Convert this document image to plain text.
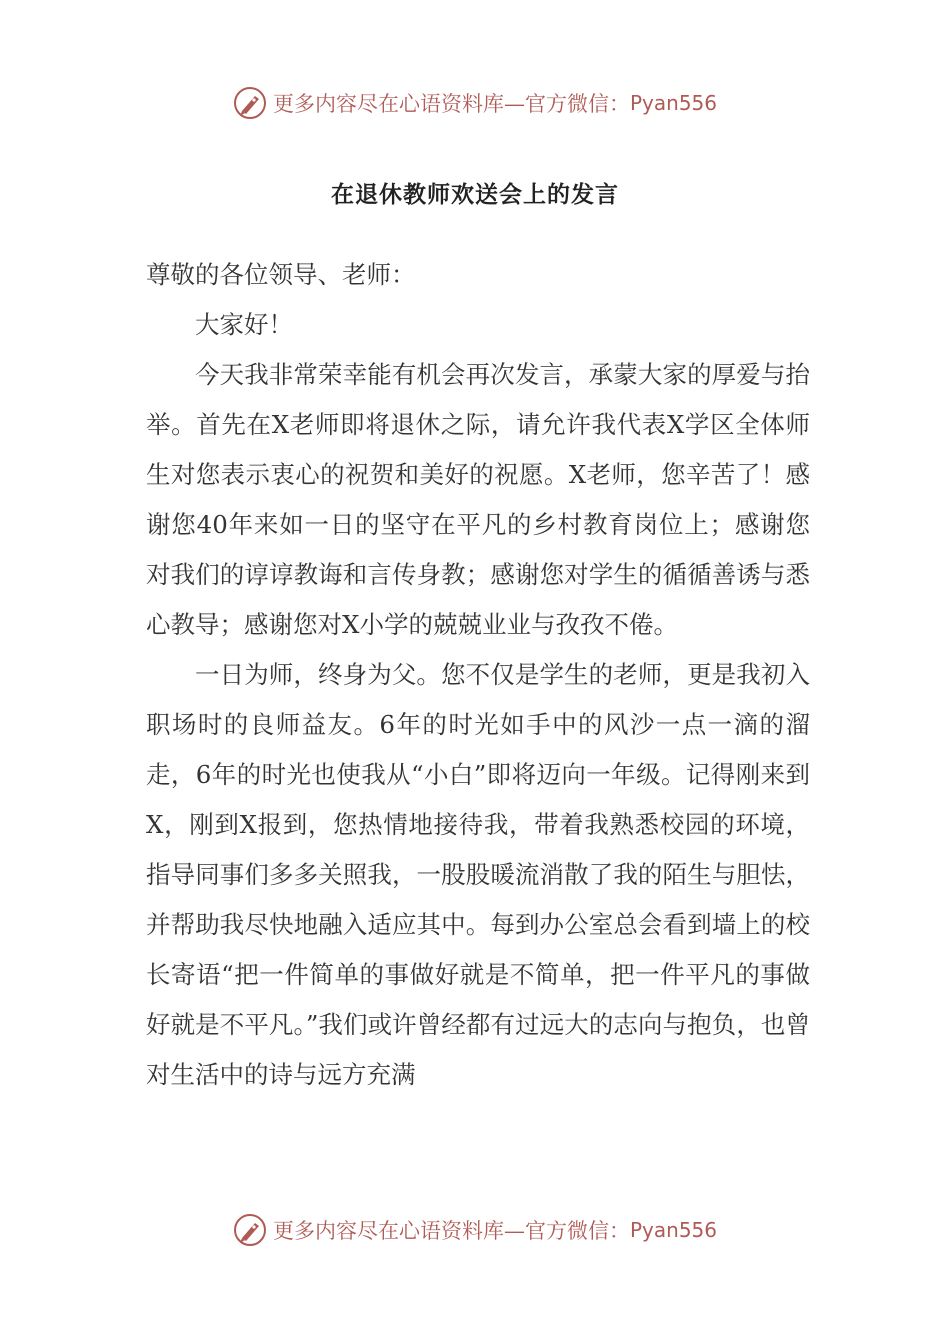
更多内容尽在心语资料库—官方微信： Pyan556
在退休教师欢送会上的发言

尊敬的各位领导、老师：

大家好！

今天我非常荣幸能有机会再次发言，承蒙大家的厚爱与抬举。首先在X老师即将退休之际，请允许我代表X学区全体师生对您表示衷心的祝贺和美好的祝愿。X老师，您辛苦了！感谢您40年来如一日的坚守在平凡的乡村教育岗位上；感谢您对我们的谆谆教诲和言传身教；感谢您对学生的循循善诱与悉心教导；感谢您对X小学的兢兢业业与孜孜不倦。

一日为师，终身为父。您不仅是学生的老师，更是我初入职场时的良师益友。6年的时光如手中的风沙一点一滴的溜走，6年的时光也使我从“小白”即将迈向一年级。记得刚来到X，刚到X报到，您热情地接待我，带着我熟悉校园的环境，指导同事们多多关照我，一股股暖流消散了我的陌生与胆怯，并帮助我尽快地融入适应其中。每到办公室总会看到墙上的校长寄语“把一件简单的事做好就是不简单，把一件平凡的事做好就是不平凡。”我们或许曾经都有过远大的志向与抱负，也曾对生活中的诗与远方充满

更多内容尽在心语资料库—官方微信： Pyan556
